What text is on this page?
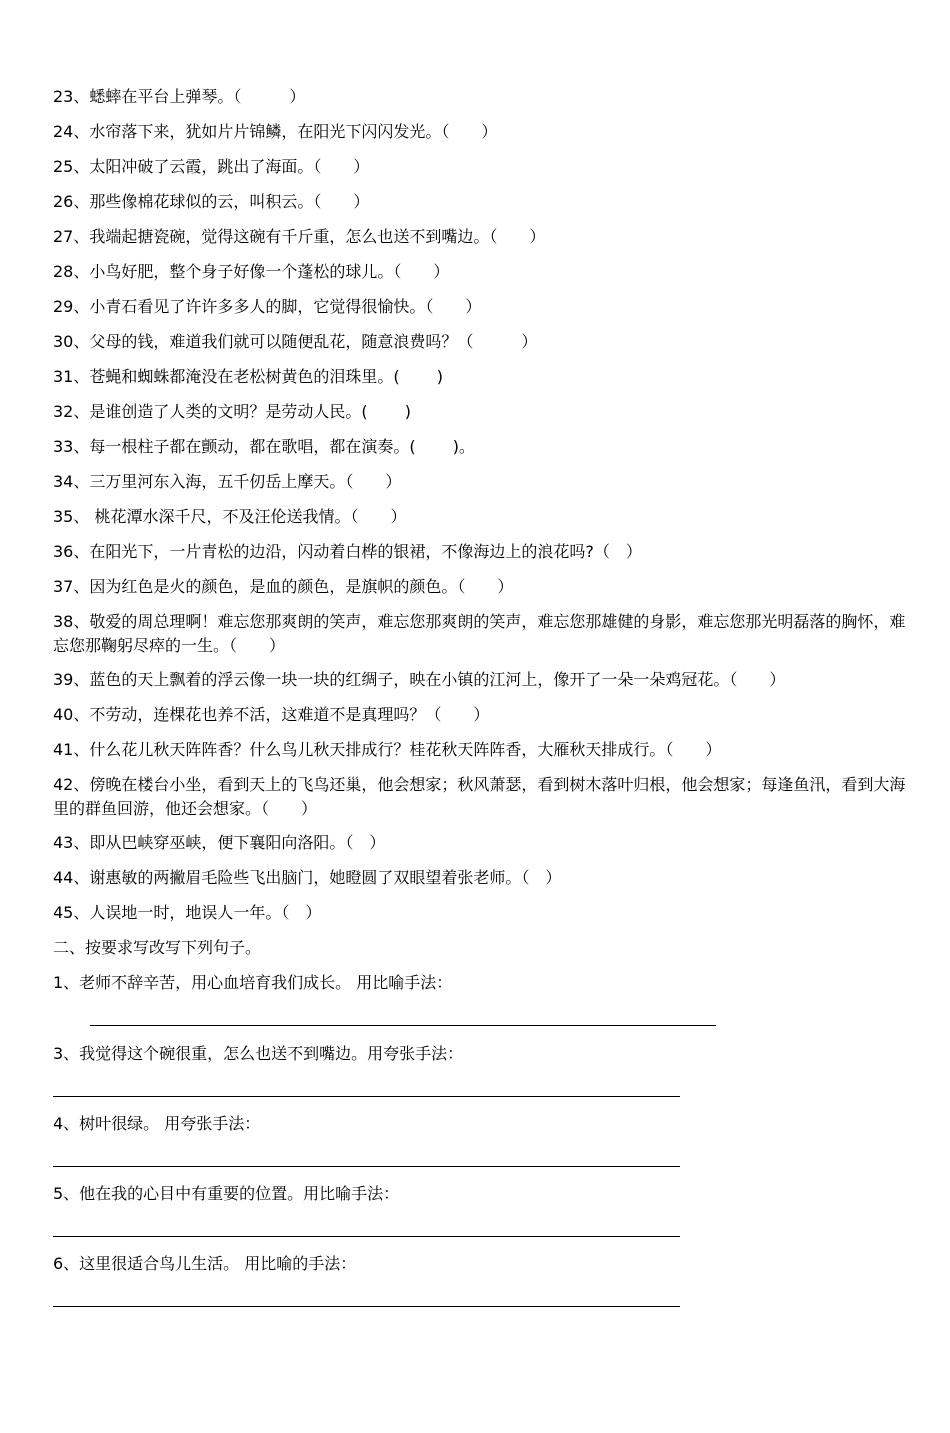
23、蟋蟀在平台上弹琴。（　　　）
24、水帘落下来，犹如片片锦鳞，在阳光下闪闪发光。（　　）
25、太阳冲破了云霞，跳出了海面。（　　）
26、那些像棉花球似的云，叫积云。（　　）
27、我端起搪瓷碗，觉得这碗有千斤重，怎么也送不到嘴边。（　　）
28、小鸟好肥，整个身子好像一个蓬松的球儿。（　　）
29、小青石看见了许许多多人的脚，它觉得很愉快。（　　）
30、父母的钱，难道我们就可以随便乱花，随意浪费吗？（　　　）
31、苍蝇和蜘蛛都淹没在老松树黄色的泪珠里。(　　 )
32、是谁创造了人类的文明？是劳动人民。(　　 )
33、每一根柱子都在颤动，都在歌唱，都在演奏。(　　 )。
34、三万里河东入海，五千仞岳上摩天。（　　）
35、 桃花潭水深千尺，不及汪伦送我情。（　　）
36、在阳光下，一片青松的边沿，闪动着白桦的银裙，不像海边上的浪花吗?（　）
37、因为红色是火的颜色，是血的颜色，是旗帜的颜色。（　　）
38、敬爱的周总理啊！难忘您那爽朗的笑声，难忘您那爽朗的笑声，难忘您那雄健的身影，难忘您那光明磊落的胸怀，难忘您那鞠躬尽瘁的一生。（　　）
39、蓝色的天上飘着的浮云像一块一块的红绸子，映在小镇的江河上，像开了一朵一朵鸡冠花。（　　）
40、不劳动，连棵花也养不活，这难道不是真理吗？（　　）
41、什么花儿秋天阵阵香？什么鸟儿秋天排成行？桂花秋天阵阵香，大雁秋天排成行。（　　）
42、傍晚在楼台小坐，看到天上的飞鸟还巢，他会想家；秋风萧瑟，看到树木落叶归根，他会想家；每逢鱼汛，看到大海里的群鱼回游，他还会想家。（　　）
43、即从巴峡穿巫峡，便下襄阳向洛阳。（　）
44、谢惠敏的两撇眉毛险些飞出脑门，她瞪圆了双眼望着张老师。（　）
45、人误地一时，地误人一年。（　）
二、按要求写改写下列句子。
1、老师不辞辛苦，用心血培育我们成长。 用比喻手法：
3、我觉得这个碗很重，怎么也送不到嘴边。用夸张手法：
4、树叶很绿。 用夸张手法：
5、他在我的心目中有重要的位置。用比喻手法：
6、这里很适合鸟儿生活。 用比喻的手法：
